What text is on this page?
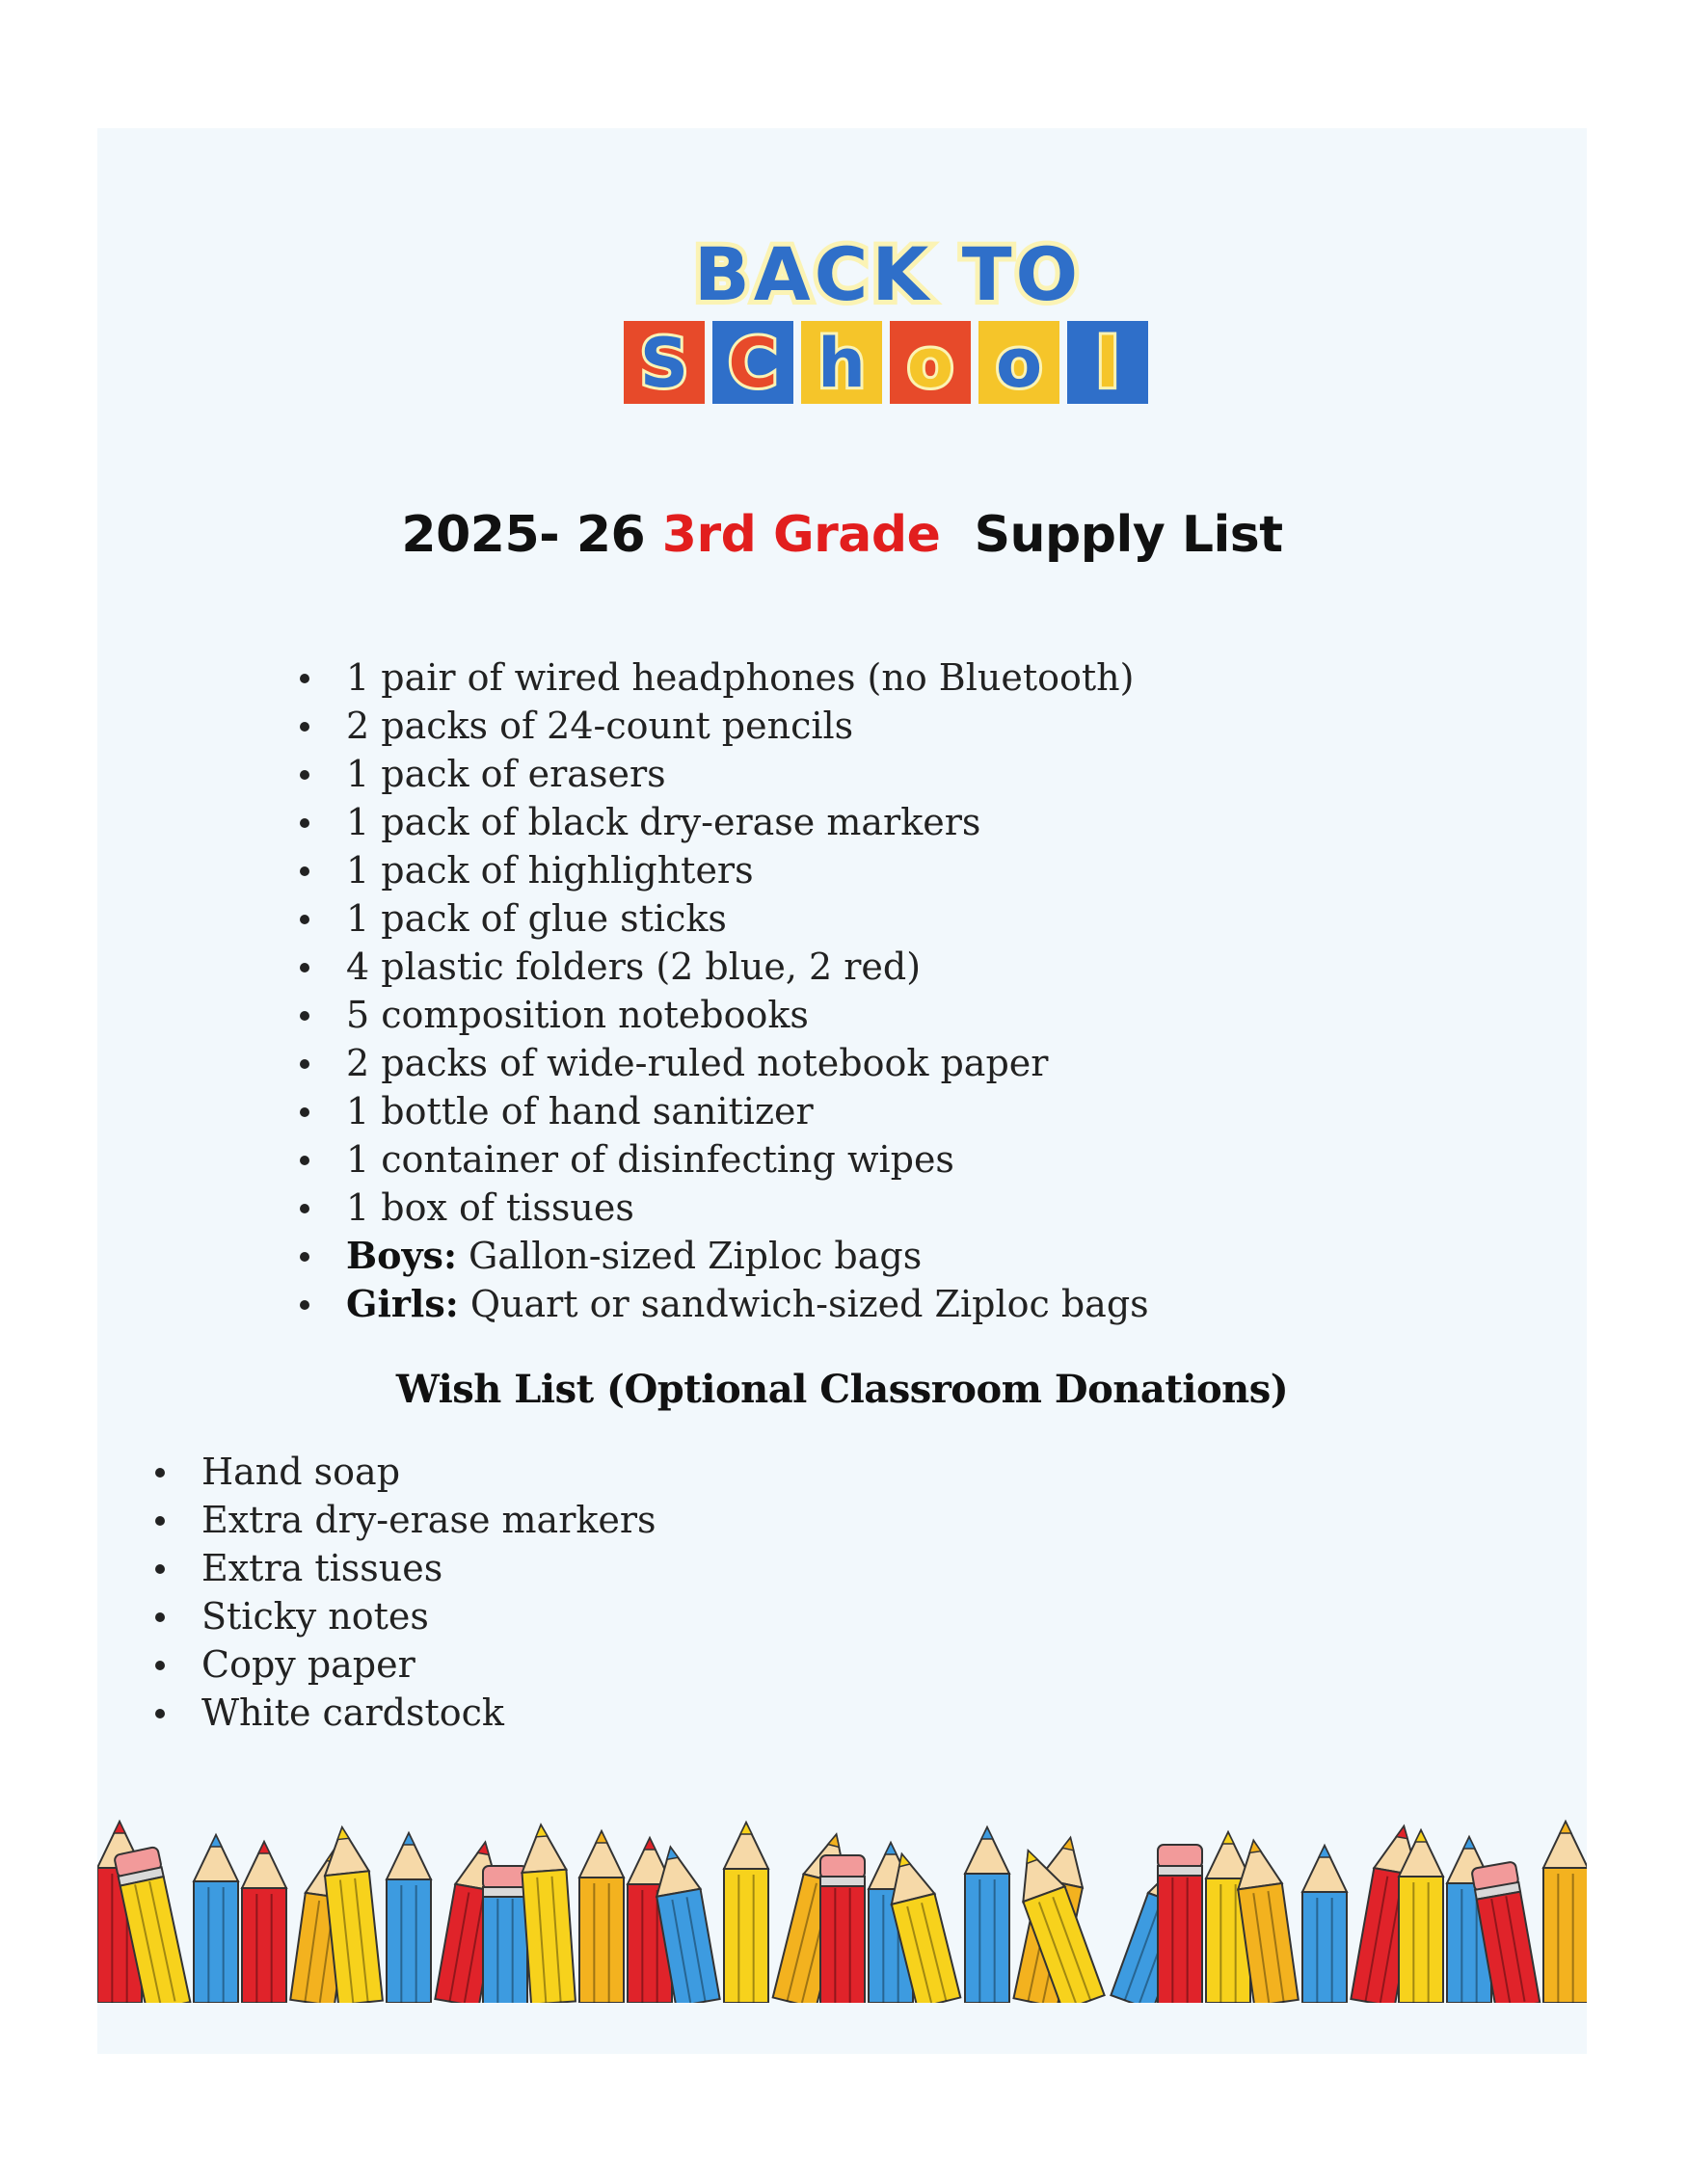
BACK TO
S C h o o l
2025- 26 3rd Grade Supply List
1 pair of wired headphones (no Bluetooth)
2 packs of 24-count pencils
1 pack of erasers
1 pack of black dry-erase markers
1 pack of highlighters
1 pack of glue sticks
4 plastic folders (2 blue, 2 red)
5 composition notebooks
2 packs of wide-ruled notebook paper
1 bottle of hand sanitizer
1 container of disinfecting wipes
1 box of tissues
Boys: Gallon-sized Ziploc bags
Girls: Quart or sandwich-sized Ziploc bags
Wish List (Optional Classroom Donations)
Hand soap
Extra dry-erase markers
Extra tissues
Sticky notes
Copy paper
White cardstock
